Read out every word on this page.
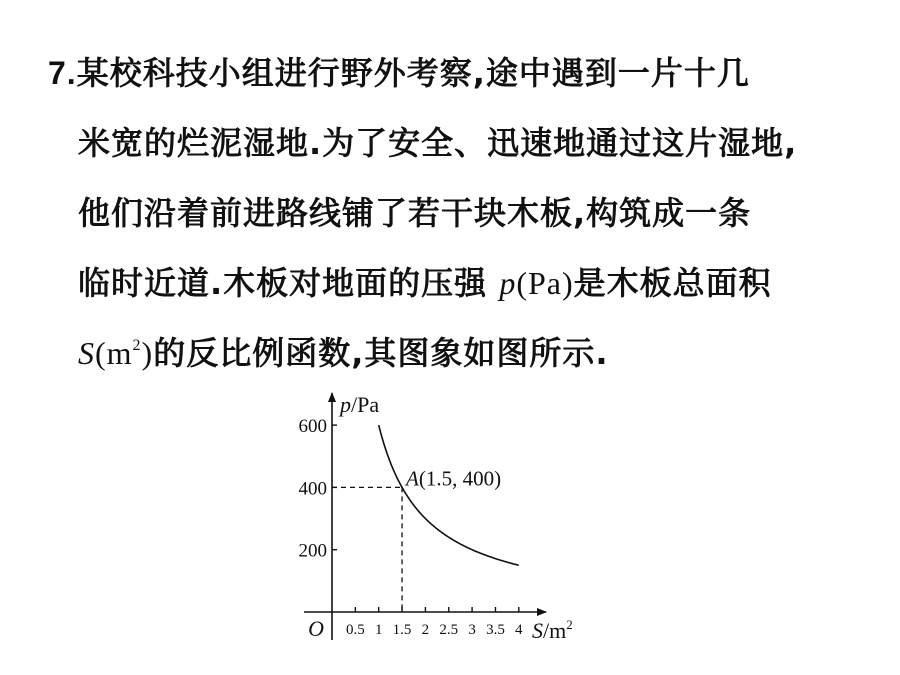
7.某校科技小组进行野外考察,途中遇到一片十几
米宽的烂泥湿地.为了安全、迅速地通过这片湿地,
他们沿着前进路线铺了若干块木板,构筑成一条
临时近道.木板对地面的压强 p(Pa)是木板总面积
$S(m^2)$的反比例函数,其图象如图所示.
0.5 1 1.5 2 2.5 3 3.5 4
200
400
600
O
p/Pa
$S/m^2$
A(1.5, 400)
